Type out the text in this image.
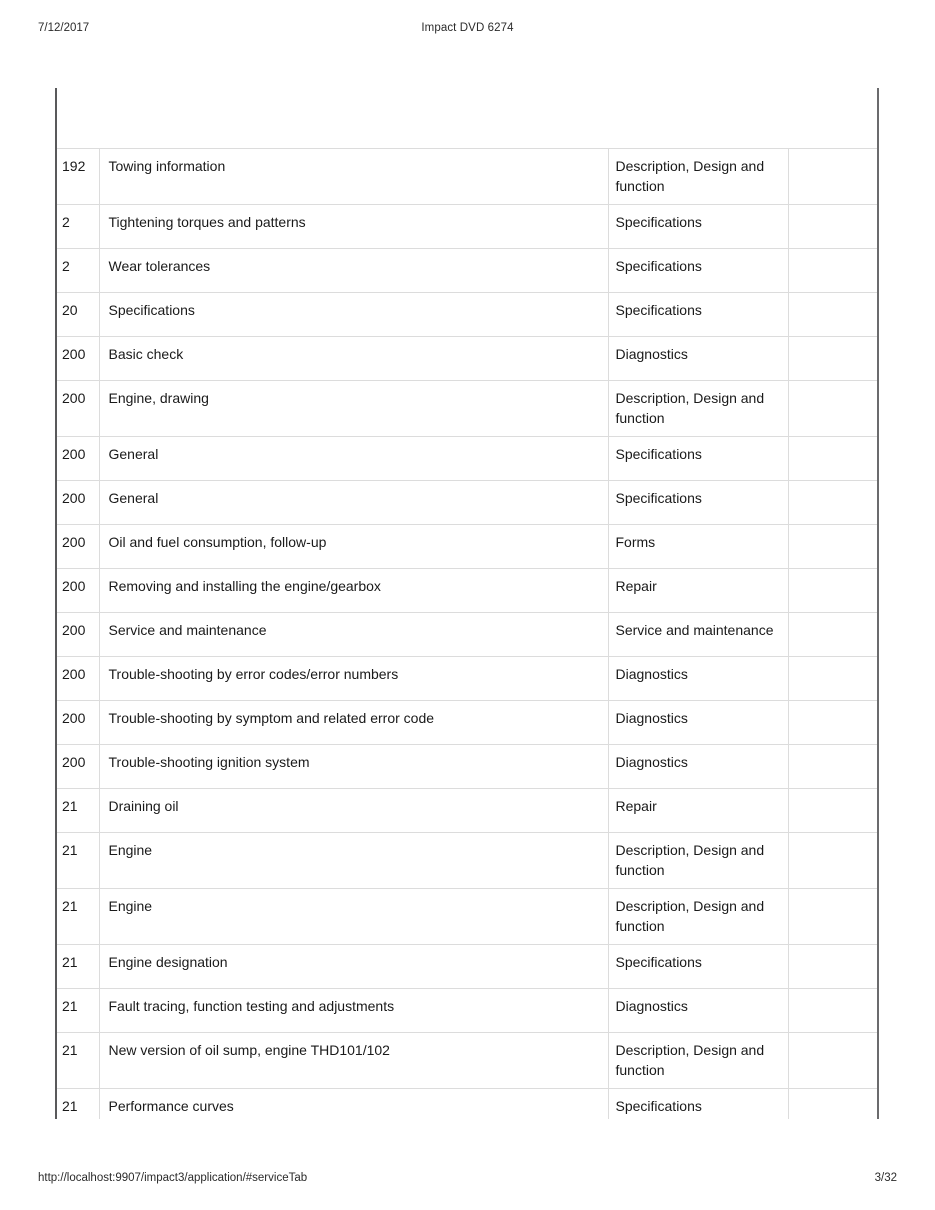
7/12/2017	Impact DVD 6274

192	Towing information	Description, Design and function	
2	Tightening torques and patterns	Specifications	
2	Wear tolerances	Specifications	
20	Specifications	Specifications	
200	Basic check	Diagnostics	
200	Engine, drawing	Description, Design and function	
200	General	Specifications	
200	General	Specifications	
200	Oil and fuel consumption, follow-up	Forms	
200	Removing and installing the engine/gearbox	Repair	
200	Service and maintenance	Service and maintenance	
200	Trouble-shooting by error codes/error numbers	Diagnostics	
200	Trouble-shooting by symptom and related error code	Diagnostics	
200	Trouble-shooting ignition system	Diagnostics	
21	Draining oil	Repair	
21	Engine	Description, Design and function	
21	Engine	Description, Design and function	
21	Engine designation	Specifications	
21	Fault tracing, function testing and adjustments	Diagnostics	
21	New version of oil sump, engine THD101/102	Description, Design and function	
21	Performance curves	Specifications	
http://localhost:9907/impact3/application/#serviceTab	3/32
